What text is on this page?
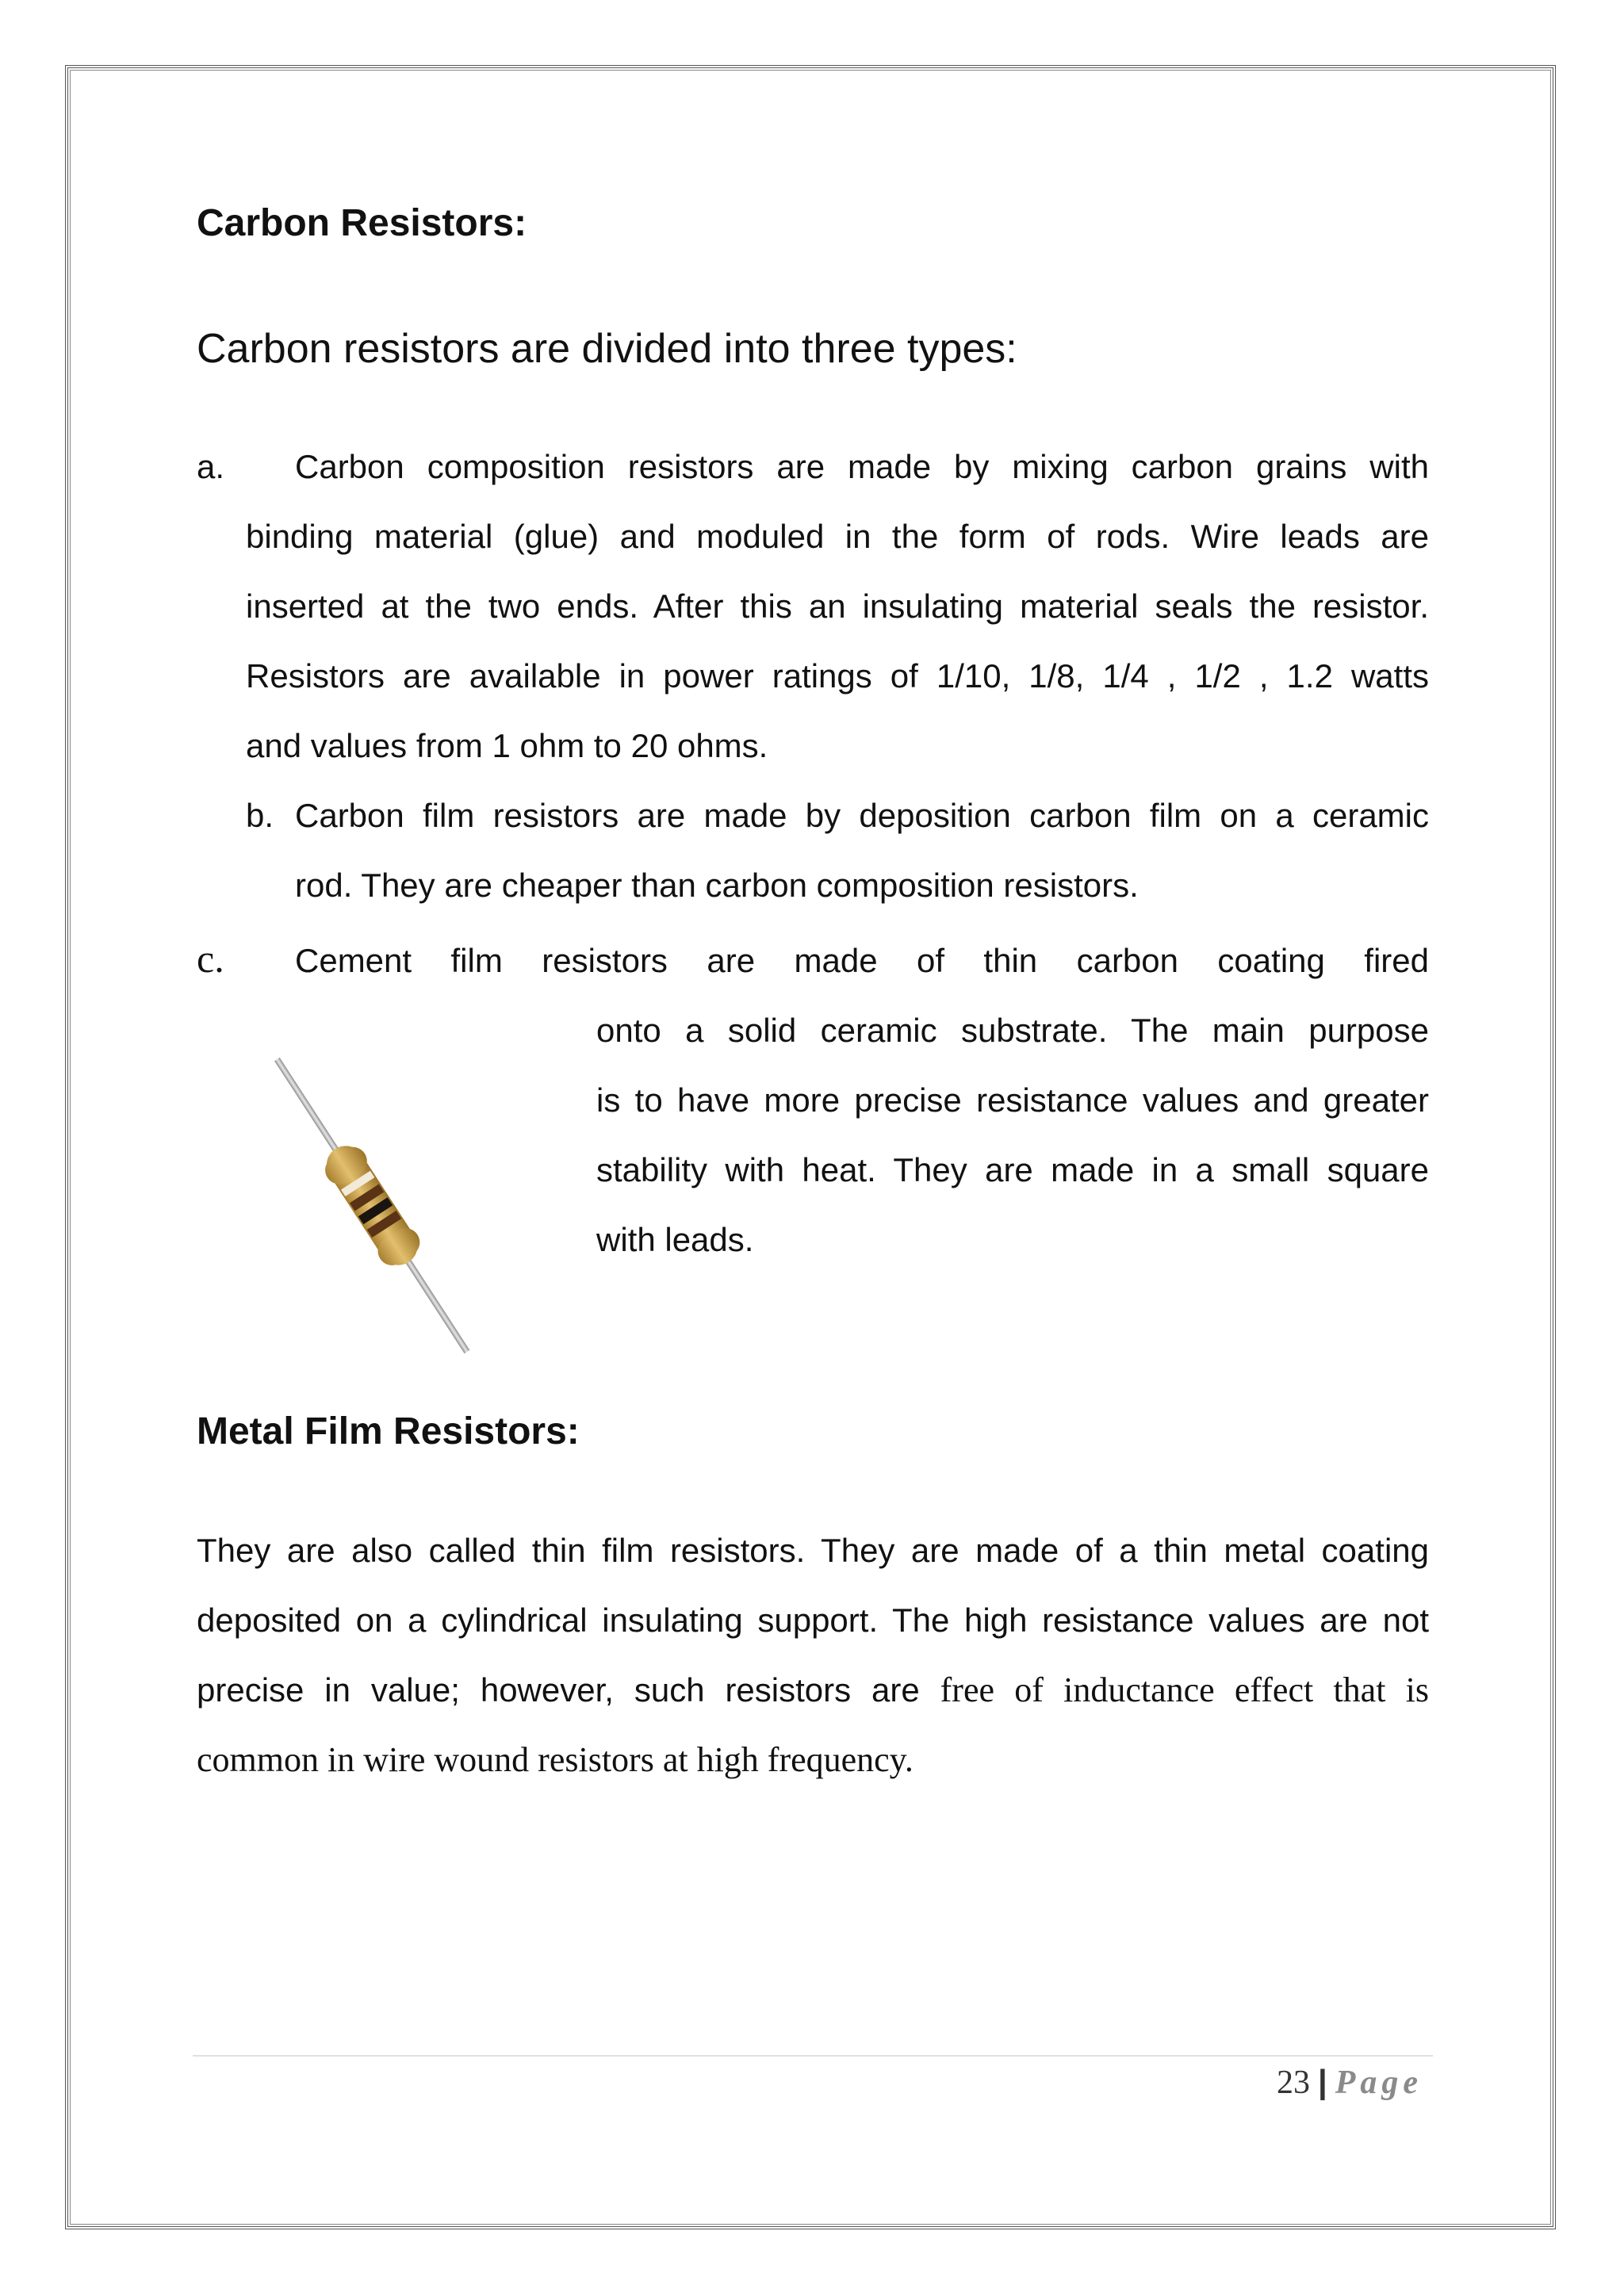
Carbon Resistors:
Carbon resistors are divided into three types:
a. Carbon composition resistors are made by mixing carbon grains with
binding material (glue) and moduled in the form of rods. Wire leads are
inserted at the two ends. After this an insulating material seals the resistor.
Resistors are available in power ratings of 1/10, 1/8, 1/4 , 1/2 , 1.2 watts
and values from 1 ohm to 20 ohms.
b. Carbon film resistors are made by deposition carbon film on a ceramic
rod. They are cheaper than carbon composition resistors.
c. Cement film resistors are made of thin carbon coating fired
onto a solid ceramic substrate. The main purpose
is to have more precise resistance values and greater
stability with heat. They are made in a small square
with leads.
Metal Film Resistors:
They are also called thin film resistors. They are made of a thin metal coating
deposited on a cylindrical insulating support. The high resistance values are not
precise in value; however, such resistors are free of inductance effect that is
common in wire wound resistors at high frequency.
23 | Page
